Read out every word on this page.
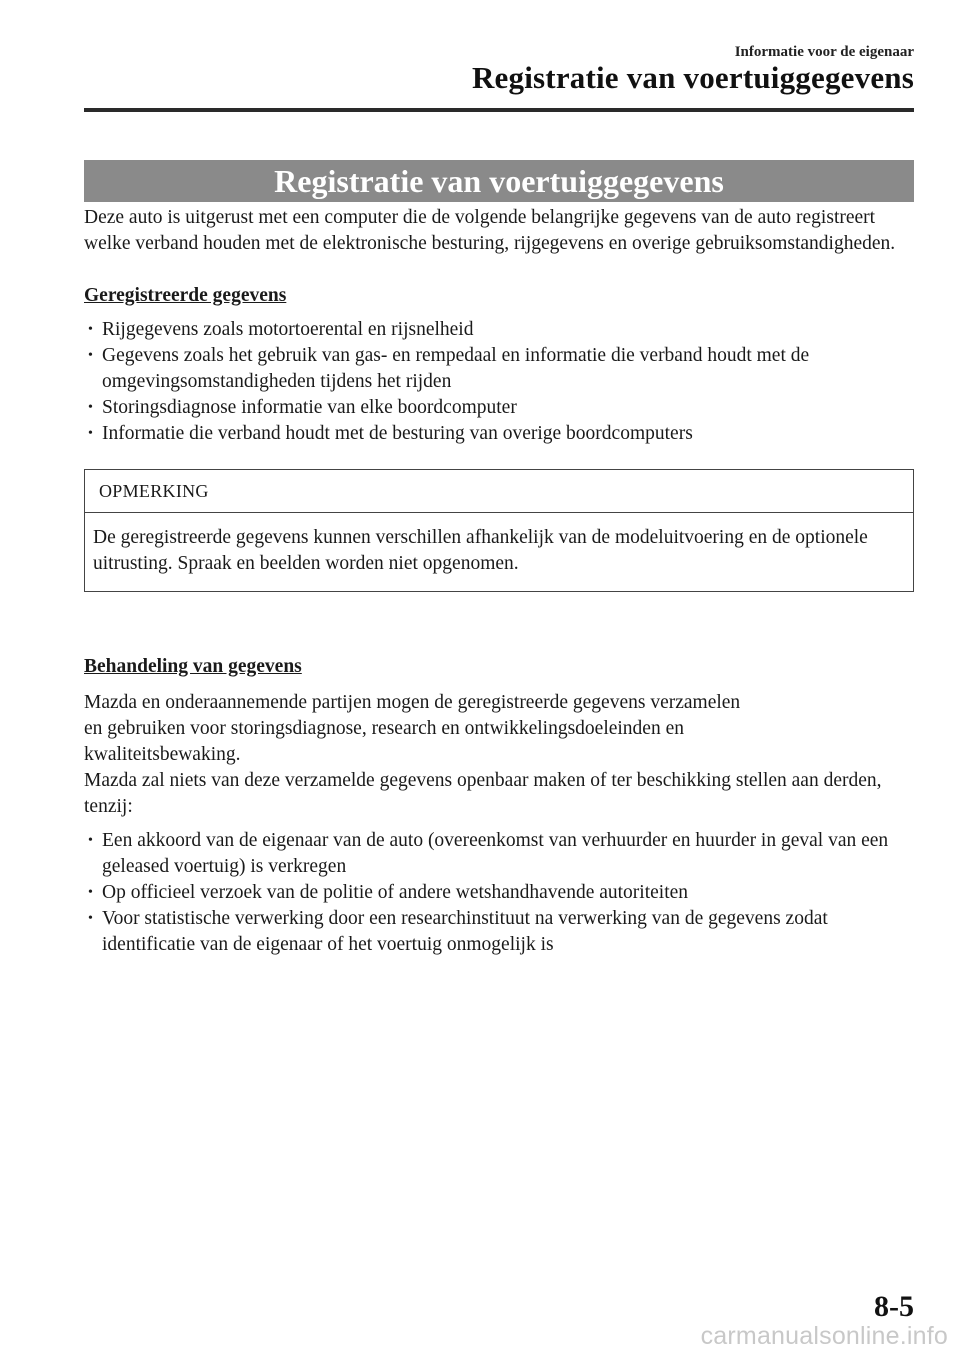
Informatie voor de eigenaar
Registratie van voertuiggegevens
Registratie van voertuiggegevens

Deze auto is uitgerust met een computer die de volgende belangrijke gegevens van de auto registreert welke verband houden met de elektronische besturing, rijgegevens en overige gebruiksomstandigheden.

Geregistreerde gegevens

• Rijgegevens zoals motortoerental en rijsnelheid
• Gegevens zoals het gebruik van gas- en rempedaal en informatie die verband houdt met de omgevingsomstandigheden tijdens het rijden
• Storingsdiagnose informatie van elke boordcomputer
• Informatie die verband houdt met de besturing van overige boordcomputers
OPMERKING
De geregistreerde gegevens kunnen verschillen afhankelijk van de modeluitvoering en de optionele uitrusting. Spraak en beelden worden niet opgenomen.

Behandeling van gegevens

Mazda en onderaannemende partijen mogen de geregistreerde gegevens verzamelen
en gebruiken voor storingsdiagnose, research en ontwikkelingsdoeleinden en
kwaliteitsbewaking.

Mazda zal niets van deze verzamelde gegevens openbaar maken of ter beschikking stellen aan derden, tenzij:

• Een akkoord van de eigenaar van de auto (overeenkomst van verhuurder en huurder in geval van een geleased voertuig) is verkregen
• Op officieel verzoek van de politie of andere wetshandhavende autoriteiten
• Voor statistische verwerking door een researchinstituut na verwerking van de gegevens zodat identificatie van de eigenaar of het voertuig onmogelijk is
8-5
carmanualsonline.info
